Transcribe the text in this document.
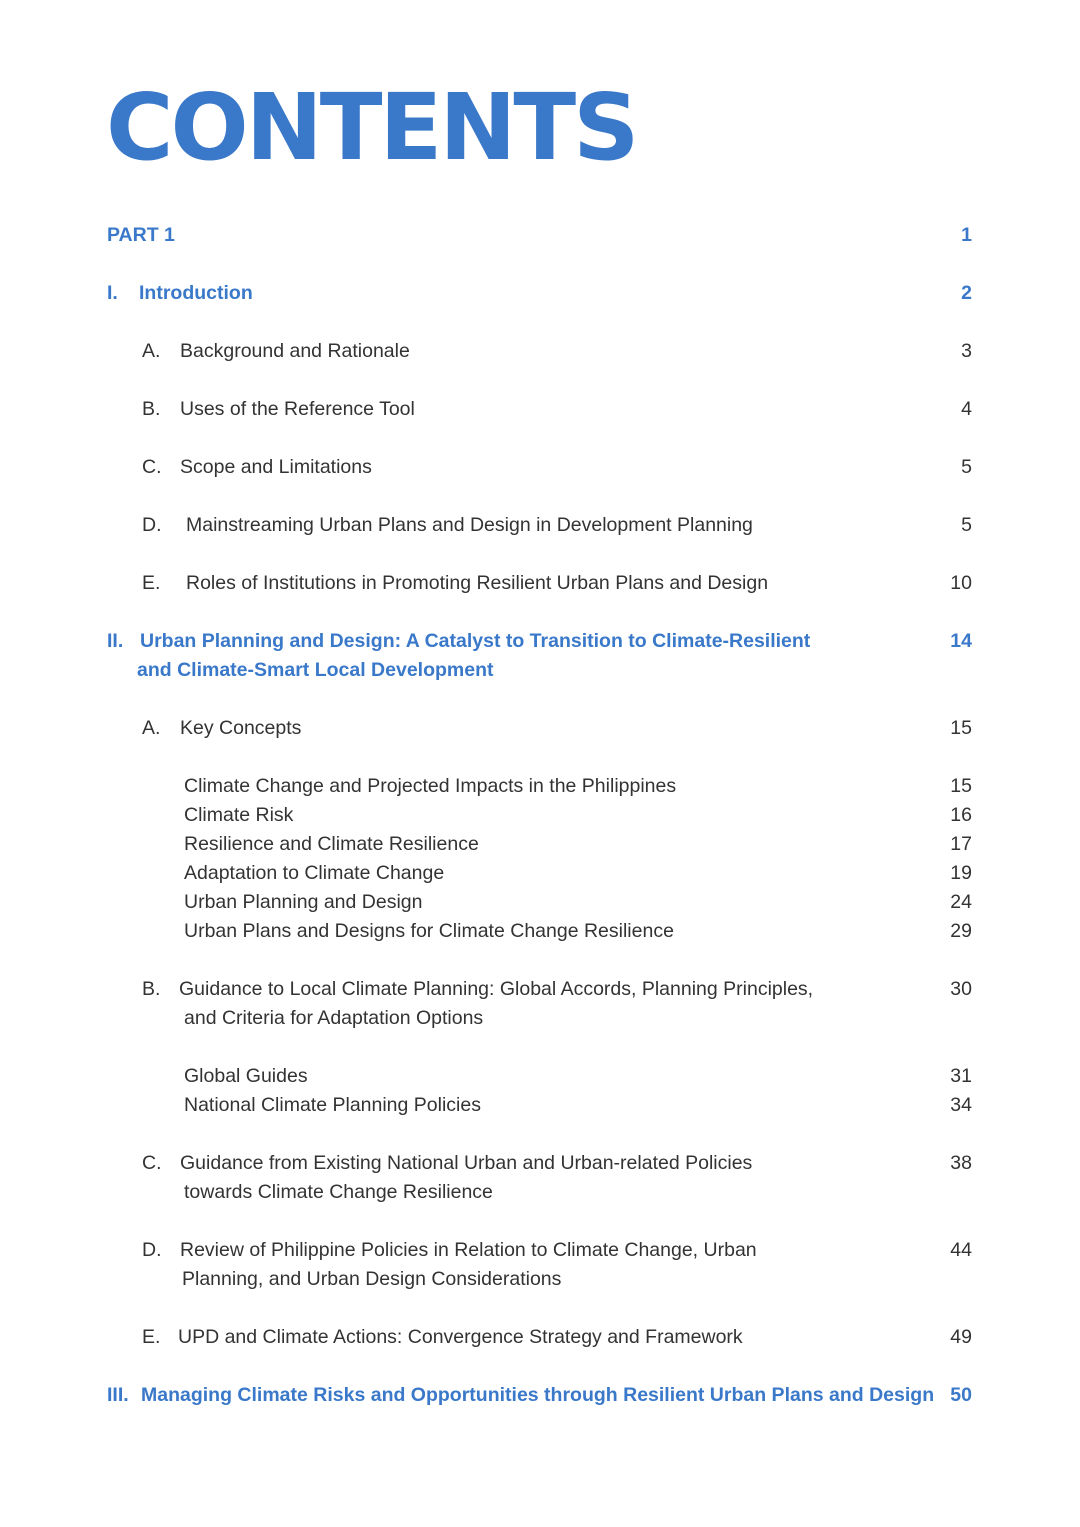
CONTENTS
PART 1	1
I. Introduction	2
A. Background and Rationale	3
B. Uses of the Reference Tool	4
C. Scope and Limitations	5
D. Mainstreaming Urban Plans and Design in Development Planning	5
E. Roles of Institutions in Promoting Resilient Urban Plans and Design	10
II. Urban Planning and Design: A Catalyst to Transition to Climate-Resilient	14
and Climate-Smart Local Development
A. Key Concepts	15
Climate Change and Projected Impacts in the Philippines	15
Climate Risk	16
Resilience and Climate Resilience	17
Adaptation to Climate Change	19
Urban Planning and Design	24
Urban Plans and Designs for Climate Change Resilience	29
B. Guidance to Local Climate Planning: Global Accords, Planning Principles,	30
and Criteria for Adaptation Options
Global Guides	31
National Climate Planning Policies	34
C. Guidance from Existing National Urban and Urban-related Policies	38
towards Climate Change Resilience
D. Review of Philippine Policies in Relation to Climate Change, Urban	44
Planning, and Urban Design Considerations
E. UPD and Climate Actions: Convergence Strategy and Framework	49
III. Managing Climate Risks and Opportunities through Resilient Urban Plans and Design 50
